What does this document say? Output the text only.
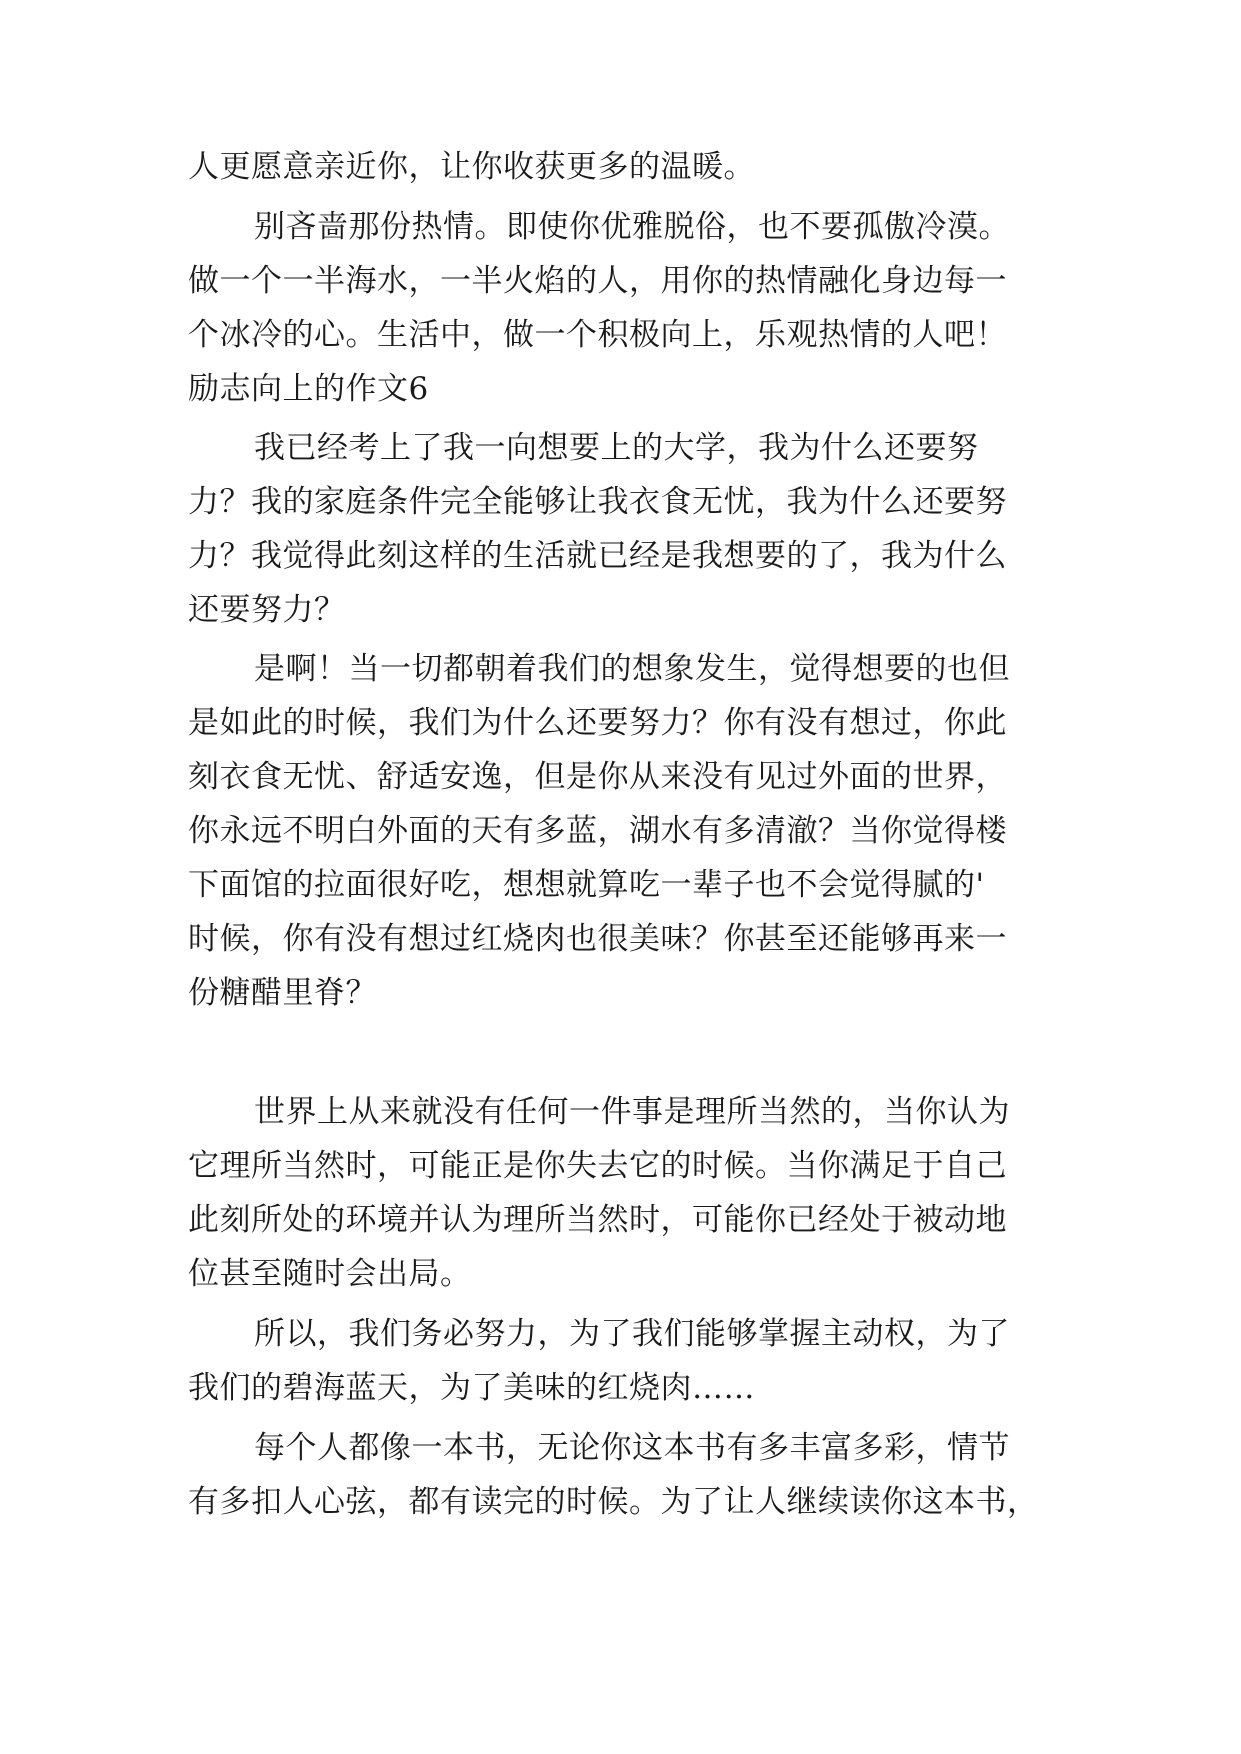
人更愿意亲近你，让你收获更多的温暖。
别吝啬那份热情。即使你优雅脱俗，也不要孤傲冷漠。
做一个一半海水，一半火焰的人，用你的热情融化身边每一
个冰冷的心。生活中，做一个积极向上，乐观热情的人吧！
励志向上的作文6
我已经考上了我一向想要上的大学，我为什么还要努
力？我的家庭条件完全能够让我衣食无忧，我为什么还要努
力？我觉得此刻这样的生活就已经是我想要的了，我为什么
还要努力？
是啊！当一切都朝着我们的想象发生，觉得想要的也但
是如此的时候，我们为什么还要努力？你有没有想过，你此
刻衣食无忧、舒适安逸，但是你从来没有见过外面的世界，
你永远不明白外面的天有多蓝，湖水有多清澈？当你觉得楼
下面馆的拉面很好吃，想想就算吃一辈子也不会觉得腻的'
时候，你有没有想过红烧肉也很美味？你甚至还能够再来一
份糖醋里脊？
世界上从来就没有任何一件事是理所当然的，当你认为
它理所当然时，可能正是你失去它的时候。当你满足于自己
此刻所处的环境并认为理所当然时，可能你已经处于被动地
位甚至随时会出局。
所以，我们务必努力，为了我们能够掌握主动权，为了
我们的碧海蓝天，为了美味的红烧肉……
每个人都像一本书，无论你这本书有多丰富多彩，情节
有多扣人心弦，都有读完的时候。为了让人继续读你这本书，
